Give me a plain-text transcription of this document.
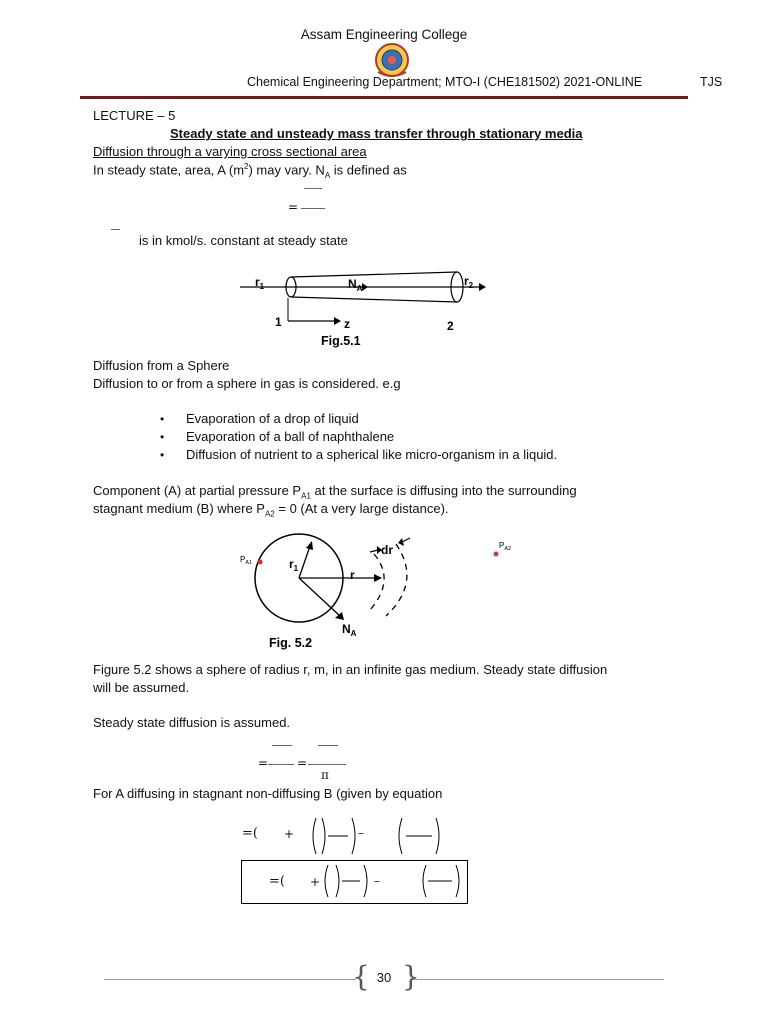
Assam Engineering College
Chemical Engineering Department; MTO-I (CHE181502) 2021-ONLINE	TJS
LECTURE – 5
Steady state and unsteady mass transfer through stationary media
Diffusion through a varying cross sectional area
In steady state, area, A $(m^2)$ may vary. $N_A$ is defined as
=
is in kmol/s. constant at steady state
$r_1$	$N_A$
$r_2$
1	z	2
Fig.5.1
Diffusion from a Sphere
Diffusion to or from a sphere in gas is considered. e.g
• Evaporation of a drop of liquid
• Evaporation of a ball of naphthalene
• Diffusion of nutrient to a spherical like micro-organism in a liquid.
Component (A) at partial pressure $P_{A1}$ at the surface is diffusing into the surrounding
stagnant medium (B) where $P_{A2} = 0$ (At a very large distance).
$P_{A1}$
$P_{A2}$
$r_1$	r
dr
$N_A$
Fig. 5.2
Figure 5.2 shows a sphere of radius r, m, in an infinite gas medium. Steady state diffusion
will be assumed.
Steady state diffusion is assumed.
= =
π
For A diffusing in stagnant non-diffusing B (given by equation
=( +	–
=( +	–
{ }
30
